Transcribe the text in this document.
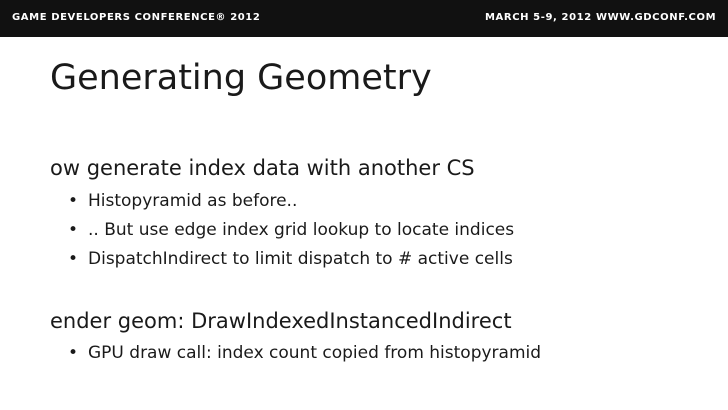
GAME DEVELOPERS CONFERENCE® 2012	MARCH 5-9, 2012 WWW.GDCONF.COM
Generating Geometry
ow generate index data with another CS
• Histopyramid as before..
• .. But use edge index grid lookup to locate indices
• DispatchIndirect to limit dispatch to # active cells
ender geom: DrawIndexedInstancedIndirect
• GPU draw call: index count copied from histopyramid
